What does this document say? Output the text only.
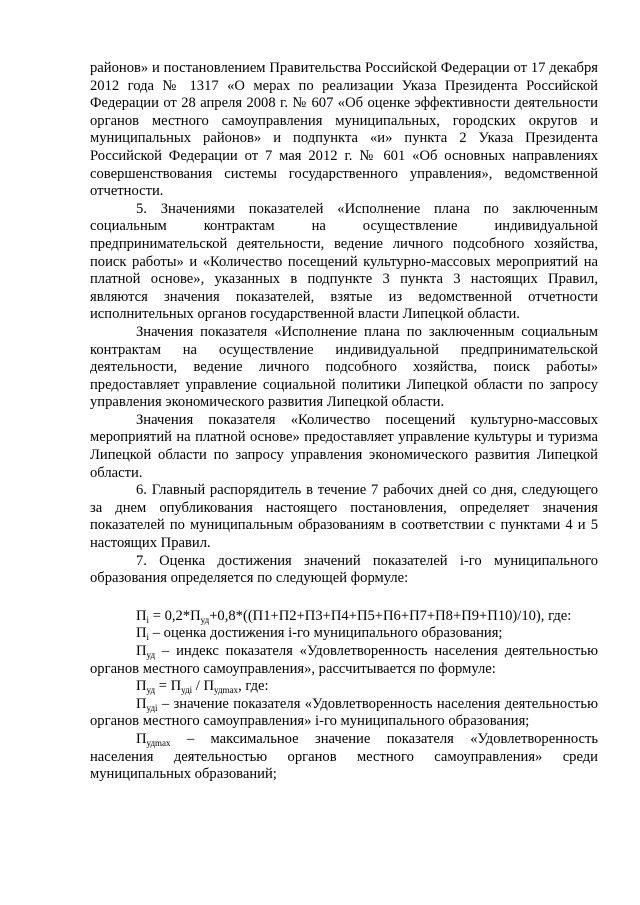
районов» и постановлением Правительства Российской Федерации от 17 декабря 2012 года № 1317 «О мерах по реализации Указа Президента Российской Федерации от 28 апреля 2008 г. № 607 «Об оценке эффективности деятельности органов местного самоуправления муниципальных, городских округов и муниципальных районов» и подпункта «и» пункта 2 Указа Президента Российской Федерации от 7 мая 2012 г. № 601 «Об основных направлениях совершенствования системы государственного управления», ведомственной отчетности.

5. Значениями показателей «Исполнение плана по заключенным социальным контрактам на осуществление индивидуальной предпринимательской деятельности, ведение личного подсобного хозяйства, поиск работы» и «Количество посещений культурно-массовых мероприятий на платной основе», указанных в подпункте 3 пункта 3 настоящих Правил, являются значения показателей, взятые из ведомственной отчетности исполнительных органов государственной власти Липецкой области.

Значения показателя «Исполнение плана по заключенным социальным контрактам на осуществление индивидуальной предпринимательской деятельности, ведение личного подсобного хозяйства, поиск работы» предоставляет управление социальной политики Липецкой области по запросу управления экономического развития Липецкой области.

Значения показателя «Количество посещений культурно-массовых мероприятий на платной основе» предоставляет управление культуры и туризма Липецкой области по запросу управления экономического развития Липецкой области.

6. Главный распорядитель в течение 7 рабочих дней со дня, следующего за днем опубликования настоящего постановления, определяет значения показателей по муниципальным образованиям в соответствии с пунктами 4 и 5 настоящих Правил.

7. Оценка достижения значений показателей i-го муниципального образования определяется по следующей формуле:

$П_i = 0,2*П_{уд}+0,8*((П1+П2+П3+П4+П5+П6+П7+П8+П9+П10)/10)$, где:

$П_i$ – оценка достижения i-го муниципального образования;

$П_{уд}$ – индекс показателя «Удовлетворенность населения деятельностью органов местного самоуправления», рассчитывается по формуле:

$П_{уд} = П_{удi} / П_{удmax}$, где:

$П_{удi}$ – значение показателя «Удовлетворенность населения деятельностью органов местного самоуправления» i-го муниципального образования;

$П_{удmax}$ – максимальное значение показателя «Удовлетворенность населения деятельностью органов местного самоуправления» среди муниципальных образований;
